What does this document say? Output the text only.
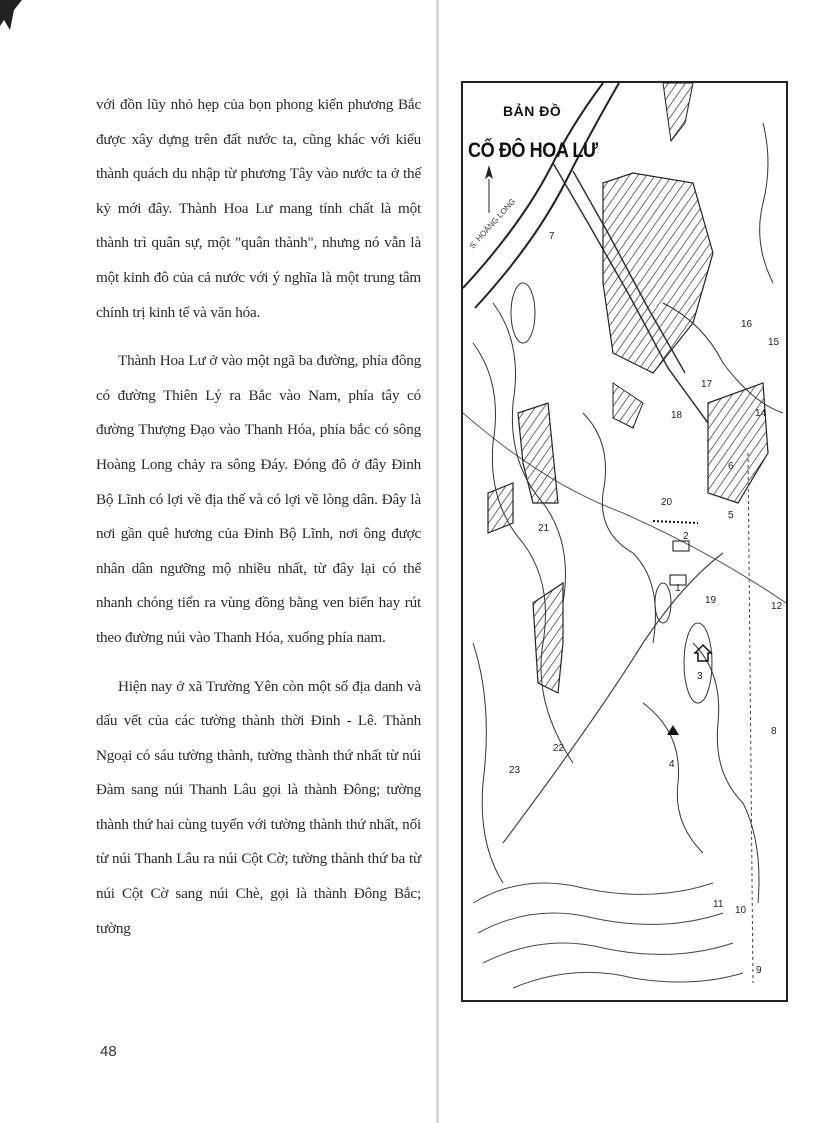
với đồn lũy nhỏ hẹp của bọn phong kiến phương Bắc được xây dựng trên đất nước ta, cũng khác với kiểu thành quách du nhập từ phương Tây vào nước ta ở thế kỷ mới đây. Thành Hoa Lư mang tính chất là một thành trì quân sự, một "quân thành", nhưng nó vẫn là một kinh đô của cả nước với ý nghĩa là một trung tâm chính trị kinh tế và văn hóa.

Thành Hoa Lư ở vào một ngã ba đường, phía đông có đường Thiên Lý ra Bắc vào Nam, phía tây có đường Thượng Đạo vào Thanh Hóa, phía bắc có sông Hoàng Long chảy ra sông Đáy. Đóng đô ở đây Đinh Bộ Lĩnh có lợi về địa thế và có lợi về lòng dân. Đây là nơi gần quê hương của Đinh Bộ Lĩnh, nơi ông được nhân dân ngưỡng mộ nhiều nhất, từ đây lại có thể nhanh chóng tiến ra vùng đồng bằng ven biển hay rút theo đường núi vào Thanh Hóa, xuống phía nam.

Hiện nay ở xã Trường Yên còn một số địa danh và dấu vết của các tường thành thời Đinh - Lê. Thành Ngoại có sáu tường thành, tường thành thứ nhất từ núi Đàm sang núi Thanh Lâu gọi là thành Đông; tường thành thứ hai cùng tuyến với tường thành thứ nhất, nối từ núi Thanh Lâu ra núi Cột Cờ; tường thành thứ ba từ núi Cột Cờ sang núi Chè, gọi là thành Đông Bắc; tường

48
BẢN ĐỒ
CỐ ĐÔ HOA LƯ
S. HOÀNG LONG	7
16
15
17
18	14
6
5
20
2
21
1
19
12
3
8
4
22
23
11
10
9
